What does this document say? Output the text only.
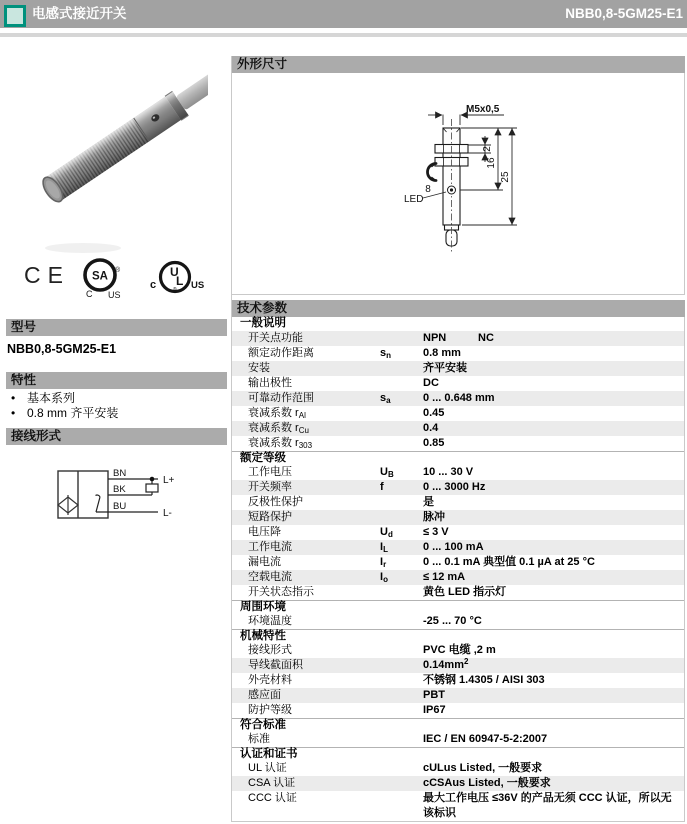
电感式接近开关	NBB0,8-5GM25-E1
CE SA ®
C US
c
U
L
® US
型号
NBB0,8-5GM25-E1
特性
• 基本系列
• 0.8 mm 齐平安装
接线形式
BN
BK
BU
L+
L-
外形尺寸
LED
8
M5x0,5
2
16
25
技术参数
一般说明
开关点功能	NPN	NC
额定动作距离	$s_n$	0.8 mm
安装	齐平安装
输出极性	DC
可靠动作范围	$s_a$	0 ... 0.648 mm
衰减系数 $r_{Al}$	0.45
衰减系数 $r_{Cu}$	0.4
衰减系数 $r_{303}$	0.85
额定等级
工作电压	$U_B$	10 ... 30 V
开关频率	f	0 ... 3000 Hz
反极性保护	是
短路保护	脉冲
电压降	$U_d$	≤ 3 V
工作电流	$I_L$	0 ... 100 mA
漏电流	$I_r$	0 ... 0.1 mA 典型值 0.1 µA at 25 °C
空载电流	$I_o$	≤ 12 mA
开关状态指示	黄色 LED 指示灯
周围环境
环境温度	-25 ... 70 °C
机械特性
接线形式	PVC 电缆 ,2 m
导线截面积	$0.14mm^2$
外壳材料	不锈钢 1.4305 / AISI 303
感应面	PBT
防护等级	IP67
符合标准
标准	IEC / EN 60947-5-2:2007
认证和证书
UL 认证	cULus Listed, 一般要求
CSA 认证	cCSAus Listed, 一般要求
CCC 认证	最大工作电压 ≤36V 的产品无须 CCC 认证，所以无该标识
